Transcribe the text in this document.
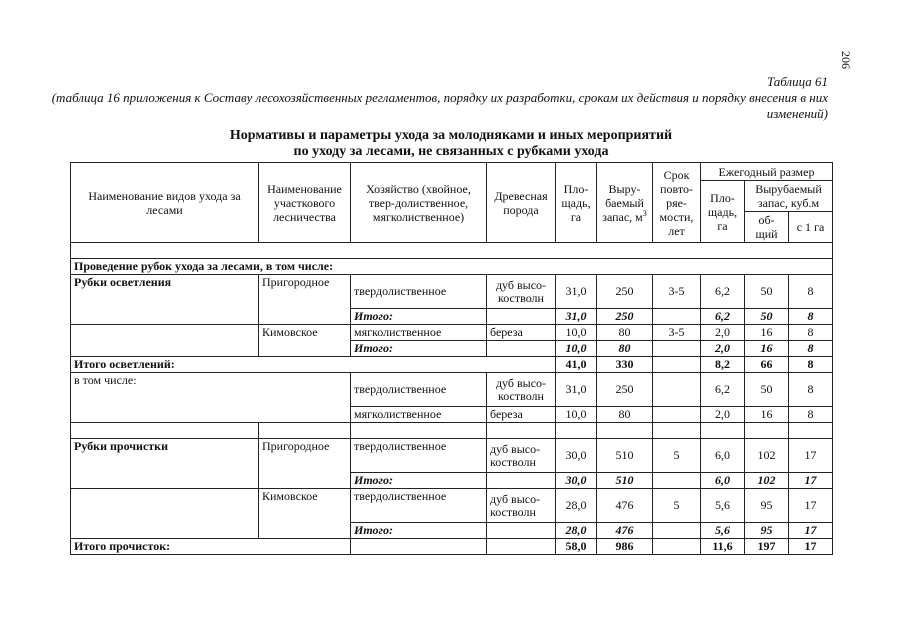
206
Таблица 61
(таблица 16 приложения к Составу лесохозяйственных регламентов, порядку их разработки, срокам их действия и порядку внесения в них изменений)
Нормативы и параметры ухода за молодняками и иных мероприятий
по уходу за лесами, не связанных с рубками ухода
Наименование видов ухода за лесами	Наименование участкового лесничества	Хозяйство (хвойное, твер-долиственное, мягколиственное)	Древесная порода	Пло-щадь, га	Выру-баемый запас, $м^3$	Срок повто-ряе-мости, лет	Ежегодный размер		
							Пло-щадь, га	Вырубаемый запас, куб.м	
								об-щий	с 1 га

Проведение рубок ухода за лесами, в том числе:									
Рубки осветления	Пригородное	твердолиственное	дуб высо-костволн	31,0	250	3-5	6,2	50	8
		Итого:		31,0	250		6,2	50	8
	Кимовское	мягколиственное	береза	10,0	80	3-5	2,0	16	8
		Итого:		10,0	80		2,0	16	8
Итого осветлений:				41,0	330		8,2	66	8
в том числе:		твердолиственное	дуб высо-костволн	31,0	250		6,2	50	8
		мягколиственное	береза	10,0	80		2,0	16	8

Рубки прочистки	Пригородное	твердолиственное	дуб высо-костволн	30,0	510	5	6,0	102	17
		Итого:		30,0	510		6,0	102	17
	Кимовское	твердолиственное	дуб высо-костволн	28,0	476	5	5,6	95	17
		Итого:		28,0	476		5,6	95	17
Итого прочисток:				58,0	986		11,6	197	17
